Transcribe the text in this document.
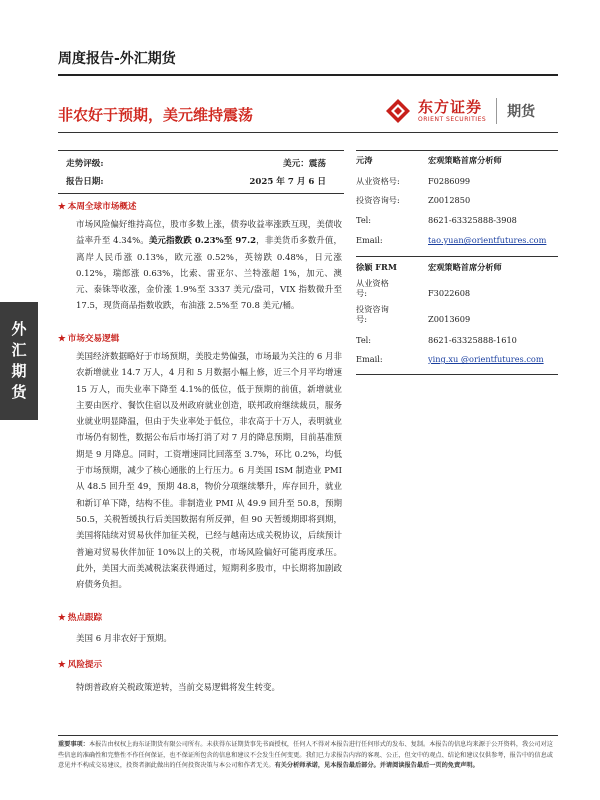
周度报告-外汇期货
非农好于预期，美元维持震荡	东方证券
ORIENT SECURITIES 期货
外
汇
期
货
走势评级:	美元：震荡
报告日期:	2025 年 7 月 6 日
★ 本周全球市场概述
市场风险偏好维持高位，股市多数上涨，债券收益率涨跌互现，美债收益率升至 4.34%。美元指数跌 0.23%至 97.2，非美货币多数升值，离岸人民币涨 0.13%，欧元涨 0.52%，英镑跌 0.48%，日元涨 0.12%，瑞郎涨 0.63%，比索、雷亚尔、兰特涨超 1%，加元、澳元、泰铢等收涨，金价涨 1.9%至 3337 美元/盎司，VIX 指数微升至 17.5，现货商品指数收跌，布油涨 2.5%至 70.8 美元/桶。
★ 市场交易逻辑
美国经济数据略好于市场预期，美股走势偏强，市场最为关注的 6 月非农新增就业 14.7 万人，4 月和 5 月数据小幅上修，近三个月平均增速 15 万人，而失业率下降至 4.1%的低位，低于预期的前值，新增就业主要由医疗、餐饮住宿以及州政府就业创造，联邦政府继续裁员，服务业就业明显降温，但由于失业率处于低位，非农高于十万人，表明就业市场仍有韧性，数据公布后市场打消了对 7 月的降息预期，目前基准预期是 9 月降息。同时，工资增速同比回落至 3.7%，环比 0.2%，均低于市场预期，减少了核心通胀的上行压力。6 月美国 ISM 制造业 PMI 从 48.5 回升至 49，预期 48.8，物价分项继续攀升，库存回升，就业和新订单下降，结构不佳。非制造业 PMI 从 49.9 回升至 50.8，预期 50.5，关税暂缓执行后美国数据有所反弹，但 90 天暂缓期即将到期，美国将陆续对贸易伙伴加征关税，已经与越南达成关税协议，后续预计普遍对贸易伙伴加征 10%以上的关税，市场风险偏好可能再度承压。此外，美国大而美减税法案获得通过，短期利多股市，中长期将加剧政府债务负担。
★ 热点跟踪
美国 6 月非农好于预期。
★ 风险提示
特朗普政府关税政策逆转，当前交易逻辑将发生转变。
元涛	宏观策略首席分析师
从业资格号:	F0286099
投资咨询号:	Z0012850
Tel:	8621-63325888-3908
Email:	tao.yuan@orientfutures.com
徐颖 FRM	宏观策略首席分析师
从业资格
号:	F3022608
投资咨询
号:	Z0013609
Tel:	8621-63325888-1610
Email:	ying.xu @orientfutures.com
重要事项：本报告由权权上海东证期货有限公司所有。未获得东证期货事先书面授权，任何人不得对本报告进行任何形式的发布、复制。本报告的信息均来源于公开资料，我公司对这些信息的准确性和完整性不作任何保证，也不保证所包含的信息和建议不会发生任何变更。我们已力求报告内容的客观、公正，但文中的观点、结论和建议仅供参考，报告中的信息或意见并不构成交易建议，投资者据此做出的任何投资决策与本公司和作者无关。有关分析师承诺，见本报告最后部分。并请阅读报告最后一页的免责声明。
